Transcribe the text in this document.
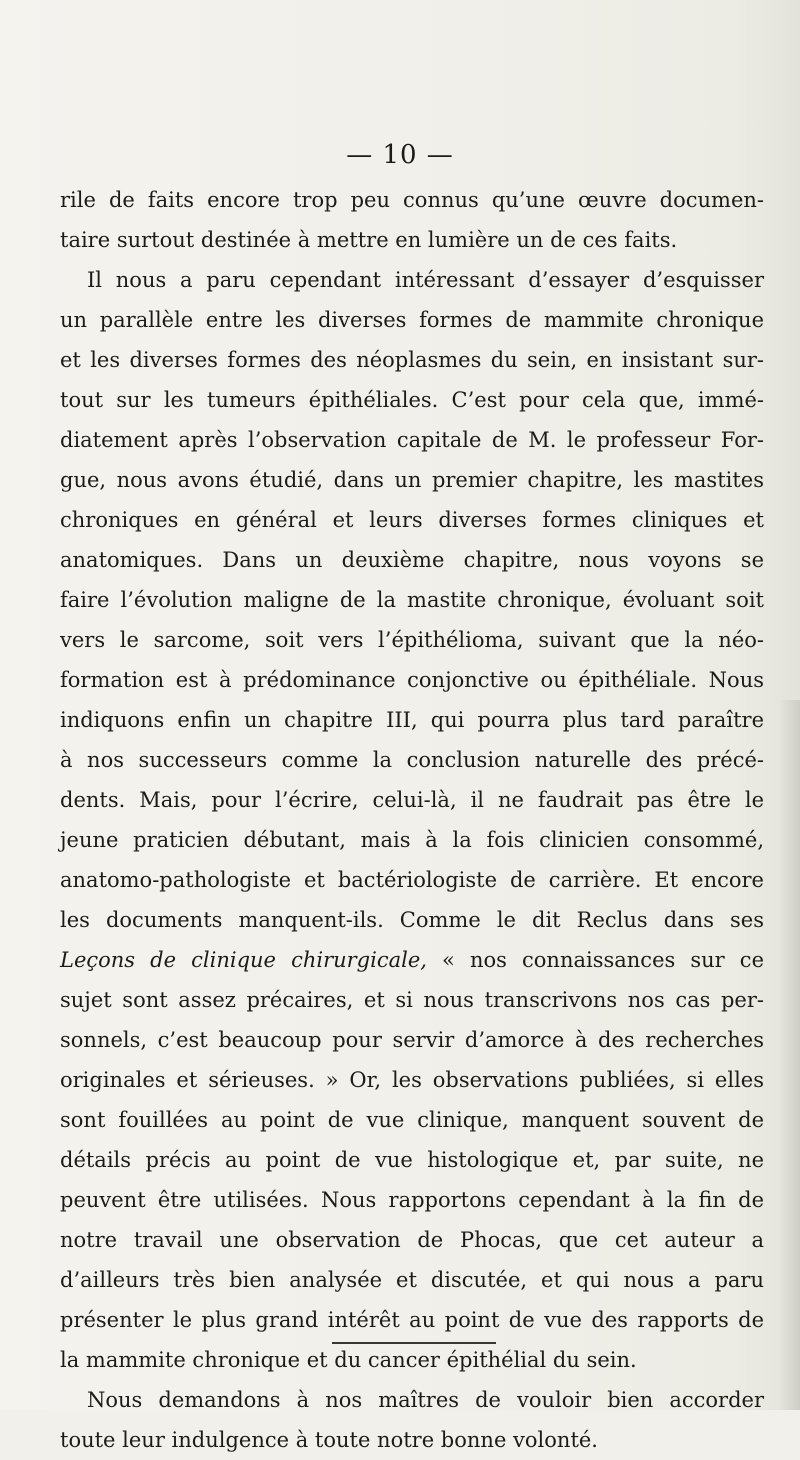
— 10 —

rile de faits encore trop peu connus qu’une œuvre documen-
taire surtout destinée à mettre en lumière un de ces faits.

Il nous a paru cependant intéressant d’essayer d’esquisser
un parallèle entre les diverses formes de mammite chronique
et les diverses formes des néoplasmes du sein, en insistant sur-
tout sur les tumeurs épithéliales. C’est pour cela que, immé-
diatement après l’observation capitale de M. le professeur For-
gue, nous avons étudié, dans un premier chapitre, les mastites
chroniques en général et leurs diverses formes cliniques et
anatomiques. Dans un deuxième chapitre, nous voyons se
faire l’évolution maligne de la mastite chronique, évoluant soit
vers le sarcome, soit vers l’épithélioma, suivant que la néo-
formation est à prédominance conjonctive ou épithéliale. Nous
indiquons enfin un chapitre III, qui pourra plus tard paraître
à nos successeurs comme la conclusion naturelle des précé-
dents. Mais, pour l’écrire, celui-là, il ne faudrait pas être le
jeune praticien débutant, mais à la fois clinicien consommé,
anatomo-pathologiste et bactériologiste de carrière. Et encore
les documents manquent-ils. Comme le dit Reclus dans ses
Leçons de clinique chirurgicale, « nos connaissances sur ce
sujet sont assez précaires, et si nous transcrivons nos cas per-
sonnels, c’est beaucoup pour servir d’amorce à des recherches
originales et sérieuses. » Or, les observations publiées, si elles
sont fouillées au point de vue clinique, manquent souvent de
détails précis au point de vue histologique et, par suite, ne
peuvent être utilisées. Nous rapportons cependant à la fin de
notre travail une observation de Phocas, que cet auteur a
d’ailleurs très bien analysée et discutée, et qui nous a paru
présenter le plus grand intérêt au point de vue des rapports de
la mammite chronique et du cancer épithélial du sein.

Nous demandons à nos maîtres de vouloir bien accorder
toute leur indulgence à toute notre bonne volonté.
